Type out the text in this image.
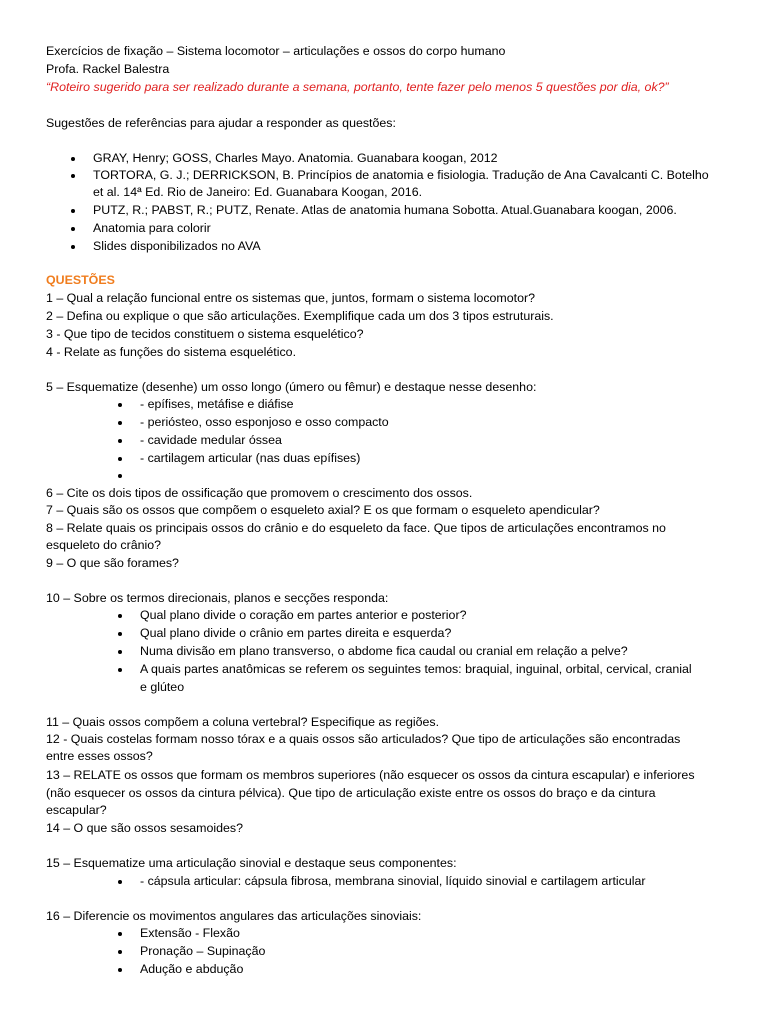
Exercícios de fixação – Sistema locomotor – articulações e ossos do corpo humano
Profa. Rackel Balestra
“Roteiro sugerido para ser realizado durante a semana, portanto, tente fazer pelo menos 5 questões por dia, ok?”
Sugestões de referências para ajudar a responder as questões:
GRAY, Henry; GOSS, Charles Mayo. Anatomia. Guanabara koogan, 2012
TORTORA, G. J.; DERRICKSON, B. Princípios de anatomia e fisiologia. Tradução de Ana Cavalcanti C. Botelho
et al. 14ª Ed. Rio de Janeiro: Ed. Guanabara Koogan, 2016.
PUTZ, R.; PABST, R.; PUTZ, Renate. Atlas de anatomia humana Sobotta. Atual.Guanabara koogan, 2006.
Anatomia para colorir
Slides disponibilizados no AVA
QUESTÕES
1 – Qual a relação funcional entre os sistemas que, juntos, formam o sistema locomotor?
2 – Defina ou explique o que são articulações. Exemplifique cada um dos 3 tipos estruturais.
3 - Que tipo de tecidos constituem o sistema esquelético?
4 - Relate as funções do sistema esquelético.
5 – Esquematize (desenhe) um osso longo (úmero ou fêmur) e destaque nesse desenho:
- epífises, metáfise e diáfise
- periósteo, osso esponjoso e osso compacto
- cavidade medular óssea
- cartilagem articular (nas duas epífises)
6 – Cite os dois tipos de ossificação que promovem o crescimento dos ossos.
7 – Quais são os ossos que compõem o esqueleto axial? E os que formam o esqueleto apendicular?
8 – Relate quais os principais ossos do crânio e do esqueleto da face. Que tipos de articulações encontramos no
esqueleto do crânio?
9 – O que são forames?
10 – Sobre os termos direcionais, planos e secções responda:
Qual plano divide o coração em partes anterior e posterior?
Qual plano divide o crânio em partes direita e esquerda?
Numa divisão em plano transverso, o abdome fica caudal ou cranial em relação a pelve?
A quais partes anatômicas se referem os seguintes temos: braquial, inguinal, orbital, cervical, cranial
e glúteo
11 – Quais ossos compõem a coluna vertebral? Especifique as regiões.
12 - Quais costelas formam nosso tórax e a quais ossos são articulados? Que tipo de articulações são encontradas
entre esses ossos?
13 – RELATE os ossos que formam os membros superiores (não esquecer os ossos da cintura escapular) e inferiores
(não esquecer os ossos da cintura pélvica). Que tipo de articulação existe entre os ossos do braço e da cintura
escapular?
14 – O que são ossos sesamoides?
15 – Esquematize uma articulação sinovial e destaque seus componentes:
- cápsula articular: cápsula fibrosa, membrana sinovial, líquido sinovial e cartilagem articular
16 – Diferencie os movimentos angulares das articulações sinoviais:
Extensão - Flexão
Pronação – Supinação
Adução e abdução
